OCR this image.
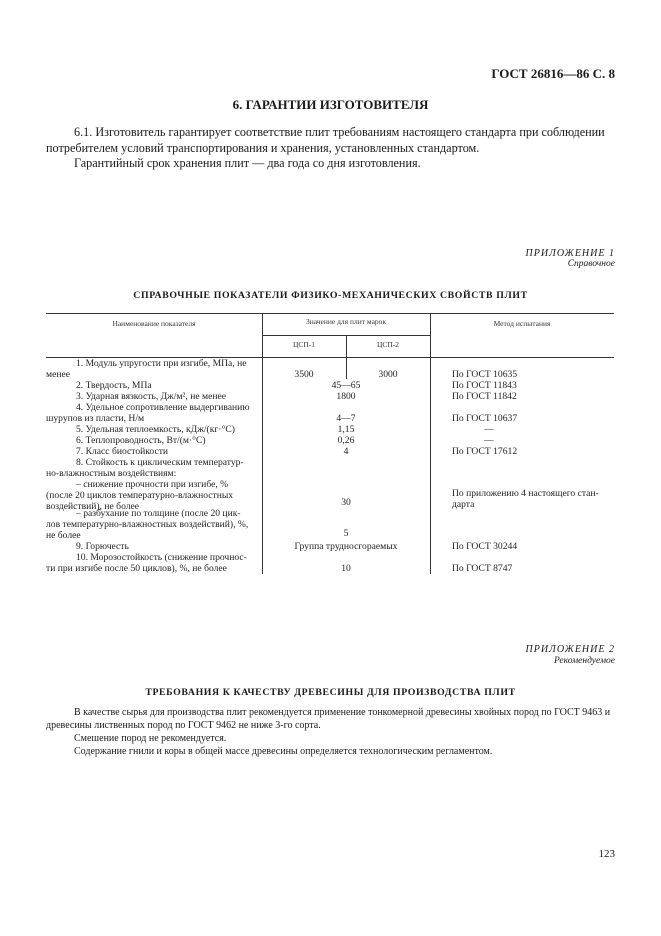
ГОСТ 26816—86 С. 8
6. ГАРАНТИИ ИЗГОТОВИТЕЛЯ
6.1. Изготовитель гарантирует соответствие плит требованиям настоящего стандарта при соблюдении потребителем условий транспортирования и хранения, установленных стандартом.
Гарантийный срок хранения плит — два года со дня изготовления.
ПРИЛОЖЕНИЕ 1
Справочное
СПРАВОЧНЫЕ ПОКАЗАТЕЛИ ФИЗИКО-МЕХАНИЧЕСКИХ СВОЙСТВ ПЛИТ
Наименование показателя	Значение для плит марок
ЦСП-1	ЦСП-2
Метод испытания
1. Модуль упругости при изгибе, МПа, не
менее	3500	3000	По ГОСТ 10635
2. Твердость, МПа	45—65	По ГОСТ 11843
3. Ударная вязкость, Дж/м², не менее	1800	По ГОСТ 11842
4. Удельное сопротивление выдергиванию
шурупов из пласти, Н/м	4—7	По ГОСТ 10637
5. Удельная теплоемкость, кДж/(кг·°С)	1,15	—
6. Теплопроводность, Вт/(м·°С)	0,26	—
7. Класс биостойкости	4	По ГОСТ 17612
8. Стойкость к циклическим температур-
но-влажностным воздействиям:
– снижение прочности при изгибе, %
(после 20 циклов температурно-влажностных
воздействий), не более	30
По приложению 4 настоящего стан-
дарта
– разбухание по толщине (после 20 цик-
лов температурно-влажностных воздействий), %,
не более	5
9. Горючесть	Группа трудносгораемых	По ГОСТ 30244
10. Морозостойкость (снижение прочнос-
ти при изгибе после 50 циклов), %, не более	10	По ГОСТ 8747
ПРИЛОЖЕНИЕ 2
Рекомендуемое
ТРЕБОВАНИЯ К КАЧЕСТВУ ДРЕВЕСИНЫ ДЛЯ ПРОИЗВОДСТВА ПЛИТ
В качестве сырья для производства плит рекомендуется применение тонкомерной древесины хвойных пород по ГОСТ 9463 и древесины лиственных пород по ГОСТ 9462 не ниже 3-го сорта.
Смешение пород не рекомендуется.
Содержание гнили и коры в общей массе древесины определяется технологическим регламентом.
123
